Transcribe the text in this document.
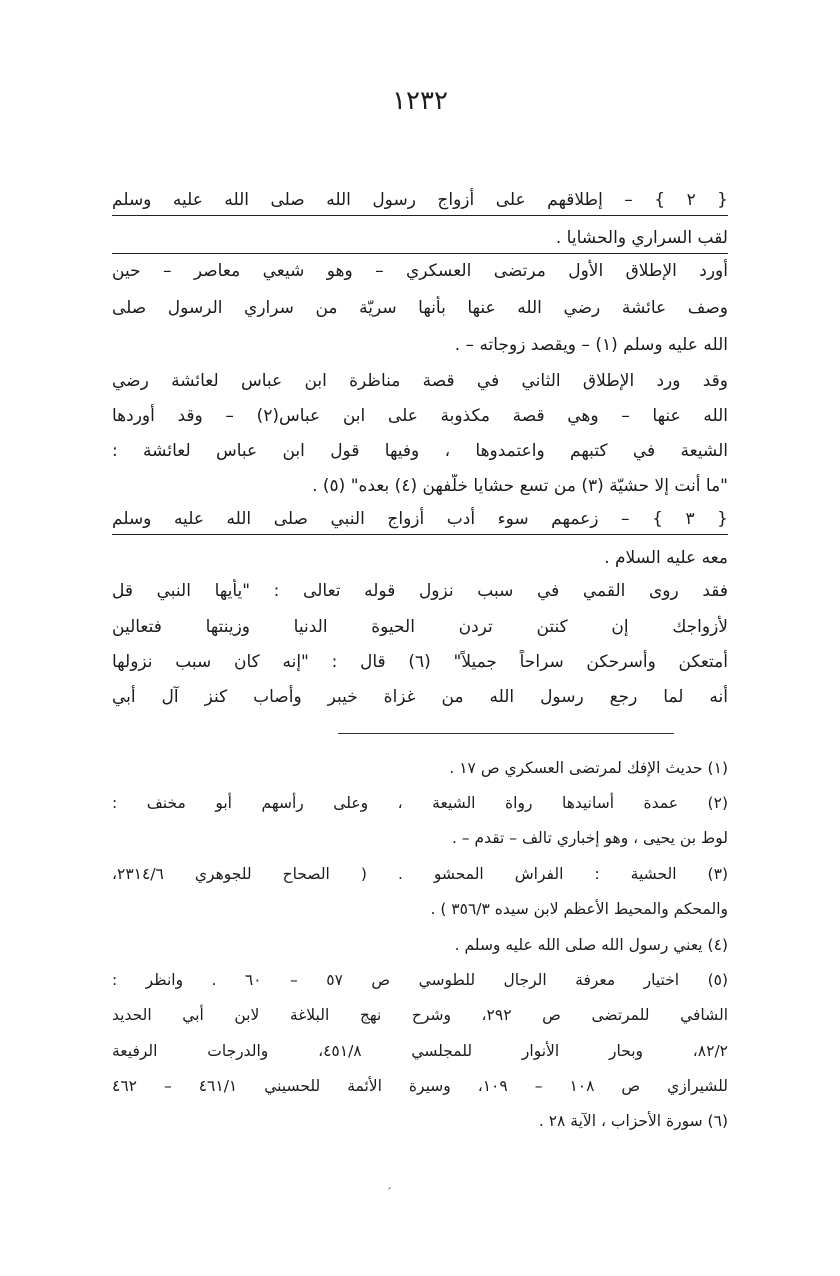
١٢٣٢
{ ٢ } – إطلاقهم على أزواج رسول الله صلى الله عليه وسلم
لقب السراري والحشايا .
أورد الإطلاق الأول مرتضى العسكري – وهو شيعي معاصر – حين
وصف عائشة رضي الله عنها بأنها سريّة من سراري الرسول صلى
الله عليه وسلم (١) – ويقصد زوجاته – .
وقد ورد الإطلاق الثاني في قصة مناظرة ابن عباس لعائشة رضي
الله عنها – وهي قصة مكذوبة على ابن عباس(٢) – وقد أوردها
الشيعة في كتبهم واعتمدوها ، وفيها قول ابن عباس لعائشة :
"ما أنت إلا حشيّة (٣) من تسع حشايا خلّفهن (٤) بعده" (٥) .
{ ٣ } – زعمهم سوء أدب أزواج النبي صلى الله عليه وسلم
معه عليه السلام .
فقد روى القمي في سبب نزول قوله تعالى : "يأيها النبي قل
لأزواجك إن كنتن تردن الحيوة الدنيا وزينتها فتعالين
أمتعكن وأسرحكن سراحاً جميلاً" (٦) قال : "إنه كان سبب نزولها
أنه لما رجع رسول الله من غزاة خيبر وأصاب كنز آل أبي
(١) حديث الإفك لمرتضى العسكري ص ١٧ .
(٢) عمدة أسانيدها رواة الشيعة ، وعلى رأسهم أبو مخنف :
لوط بن يحيى ، وهو إخباري تالف – تقدم – .
(٣) الحشية : الفراش المحشو . ( الصحاح للجوهري ٢٣١٤/٦،
والمحكم والمحيط الأعظم لابن سيده ٣٥٦/٣ ) .
(٤) يعني رسول الله صلى الله عليه وسلم .
(٥) اختيار معرفة الرجال للطوسي ص ٥٧ – ٦٠ . وانظر :
الشافي للمرتضى ص ٢٩٢، وشرح نهج البلاغة لابن أبي الحديد
٨٢/٢، وبحار الأنوار للمجلسي ٤٥١/٨، والدرجات الرفيعة
للشيرازي ص ١٠٨ – ١٠٩، وسيرة الأئمة للحسيني ٤٦١/١ – ٤٦٢
(٦) سورة الأحزاب ، الآية ٢٨ .
´
